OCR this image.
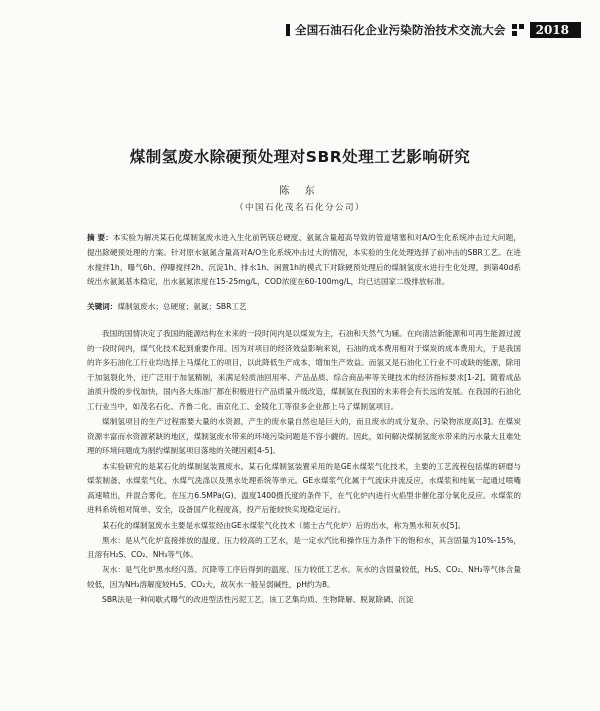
全国石油石化企业污染防治技术交流大会	2018
煤制氢废水除硬预处理对SBR处理工艺影响研究
陈 东
（中国石化茂名石化分公司）
摘 要：本实验为解决某石化煤制氢废水进入生化前钙镁总硬度、氨氮含量超高导致的管道堵塞和对A/O生化系统冲击过大问题，提出除硬预处理的方案。针对原水氨氮含量高对A/O生化系统冲击过大的情况，本实验的生化处理选择了前冲击的SBR工艺。在进水搅拌1h、曝气6h、停曝搅拌2h、沉淀1h、排水1h、闲置1h的模式下对除硬预处理后的煤制氢废水进行生化处理，到第40d系统出水氨氮基本稳定，出水氨氮浓度在15-25mg/L，COD浓度在60-100mg/L，均已达国家二级排放标准。
关键词：煤制氢废水；总硬度；氨氮；SBR工艺

我国的国情决定了我国的能源结构在未来的一段时间内是以煤炭为主，石油和天然气为辅。在向清洁新能源和可再生能源过渡的一段时间内，煤气化技术起到重要作用。因为对项目的经济效益影响来说，石油的成本费用相对于煤炭的成本费用大，于是我国的许多石油化工行业均选择上马煤化工的项目，以此降低生产成本，增加生产效益。而氢又是石油化工行业不可或缺的能源，除用于加氢裂化外，还广泛用于加氢精制，来满足轻质油回用率、产品品质、综合商品率等关键技术的经济指标要求[1-2]。随着成品油质升级的步伐加快，国内各大炼油厂都在积极进行产品质量升级改造，煤制氢在我国的未来将会有长远的发展。在我国的石油化工行业当中，如茂名石化、齐鲁二化、南京化工、金陵化工等很多企业都上马了煤制氢项目。

煤制氢项目的生产过程需要大量的水资源，产生的废水量自然也是巨大的，而且废水的成分复杂、污染物浓度高[3]。在煤炭资源丰富而水资源紧缺的地区，煤制氢废水带来的环境污染问题是不容小觑的。因此，如何解决煤制氢废水带来的污水量大且难处理的环境问题成为制约煤制氢项目落地的关键因素[4-5]。

本实验研究的是某石化的煤制氢装置废水。某石化煤制氢装置采用的是GE水煤浆气化技术，主要的工艺流程包括煤的研磨与煤浆制备、水煤浆气化、水煤气洗涤以及黑水处理系统等单元。GE水煤浆气化属于气流床并流反应，水煤浆和纯氧一起通过喷嘴高速喷出，并混合雾化，在压力6.5MPa(G)、温度1400摄氏度的条件下，在气化炉内进行火焰型非催化部分氧化反应。水煤浆的进料系统相对简单、安全，设备国产化程度高，投产后能较快实现稳定运行。

某石化的煤制氢废水主要是水煤浆经由GE水煤浆气化技术（德士古气化炉）后的出水，称为黑水和灰水[5]。

黑水：是从气化炉直接排放的温度、压力较高的工艺水，是一定水汽比和操作压力条件下的饱和水，其含固量为10%-15%，且溶有H₂S、CO₂、NH₃等气体。

灰水：是气化炉黑水经闪蒸、沉降等工序后得到的温度、压力较低工艺水。灰水的含固量较低，H₂S、CO₂、NH₃等气体含量较低，因为NH₃溶解度较H₂S、CO₂大，故灰水一般呈弱碱性，pH约为8。

SBR法是一种间歇式曝气的改进型活性污泥工艺，该工艺集均质、生物降解、脱氮除磷、沉淀
